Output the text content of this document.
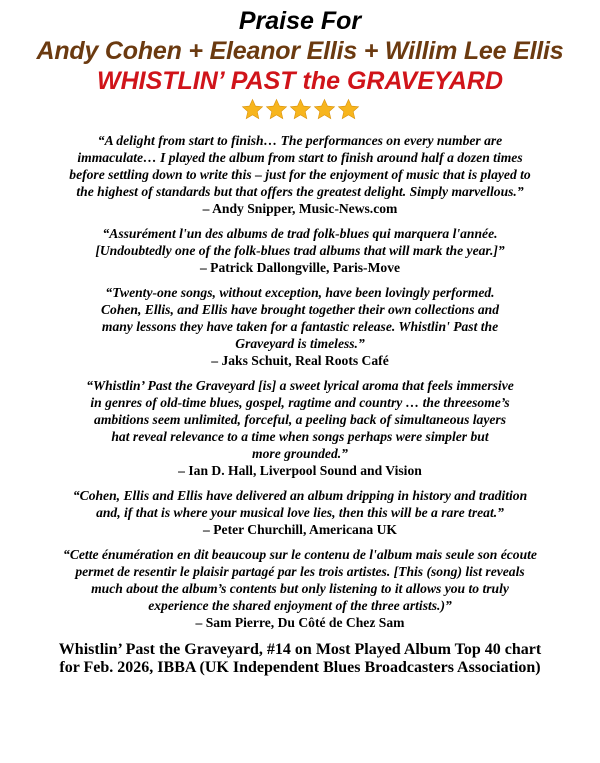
Praise For
Andy Cohen + Eleanor Ellis + Willim Lee Ellis
WHISTLIN’ PAST the GRAVEYARD
“A delight from start to finish… The performances on every number are
immaculate… I played the album from start to finish around half a dozen times
before settling down to write this – just for the enjoyment of music that is played to
the highest of standards but that offers the greatest delight. Simply marvellous.”
– Andy Snipper, Music-News.com
“Assurément l'un des albums de trad folk-blues qui marquera l'année.
[Undoubtedly one of the folk-blues trad albums that will mark the year.]”
– Patrick Dallongville, Paris-Move
“Twenty-one songs, without exception, have been lovingly performed.
Cohen, Ellis, and Ellis have brought together their own collections and
many lessons they have taken for a fantastic release. Whistlin' Past the
Graveyard is timeless.”
– Jaks Schuit, Real Roots Café
“Whistlin’ Past the Graveyard [is] a sweet lyrical aroma that feels immersive
in genres of old-time blues, gospel, ragtime and country … the threesome’s
ambitions seem unlimited, forceful, a peeling back of simultaneous layers
hat reveal relevance to a time when songs perhaps were simpler but
more grounded.”
– Ian D. Hall, Liverpool Sound and Vision
“Cohen, Ellis and Ellis have delivered an album dripping in history and tradition
and, if that is where your musical love lies, then this will be a rare treat.”
– Peter Churchill, Americana UK
“Cette énumération en dit beaucoup sur le contenu de l'album mais seule son écoute
permet de resentir le plaisir partagé par les trois artistes. [This (song) list reveals
much about the album’s contents but only listening to it allows you to truly
experience the shared enjoyment of the three artists.)”
– Sam Pierre, Du Côté de Chez Sam
Whistlin’ Past the Graveyard, #14 on Most Played Album Top 40 chart
for Feb. 2026, IBBA (UK Independent Blues Broadcasters Association)
